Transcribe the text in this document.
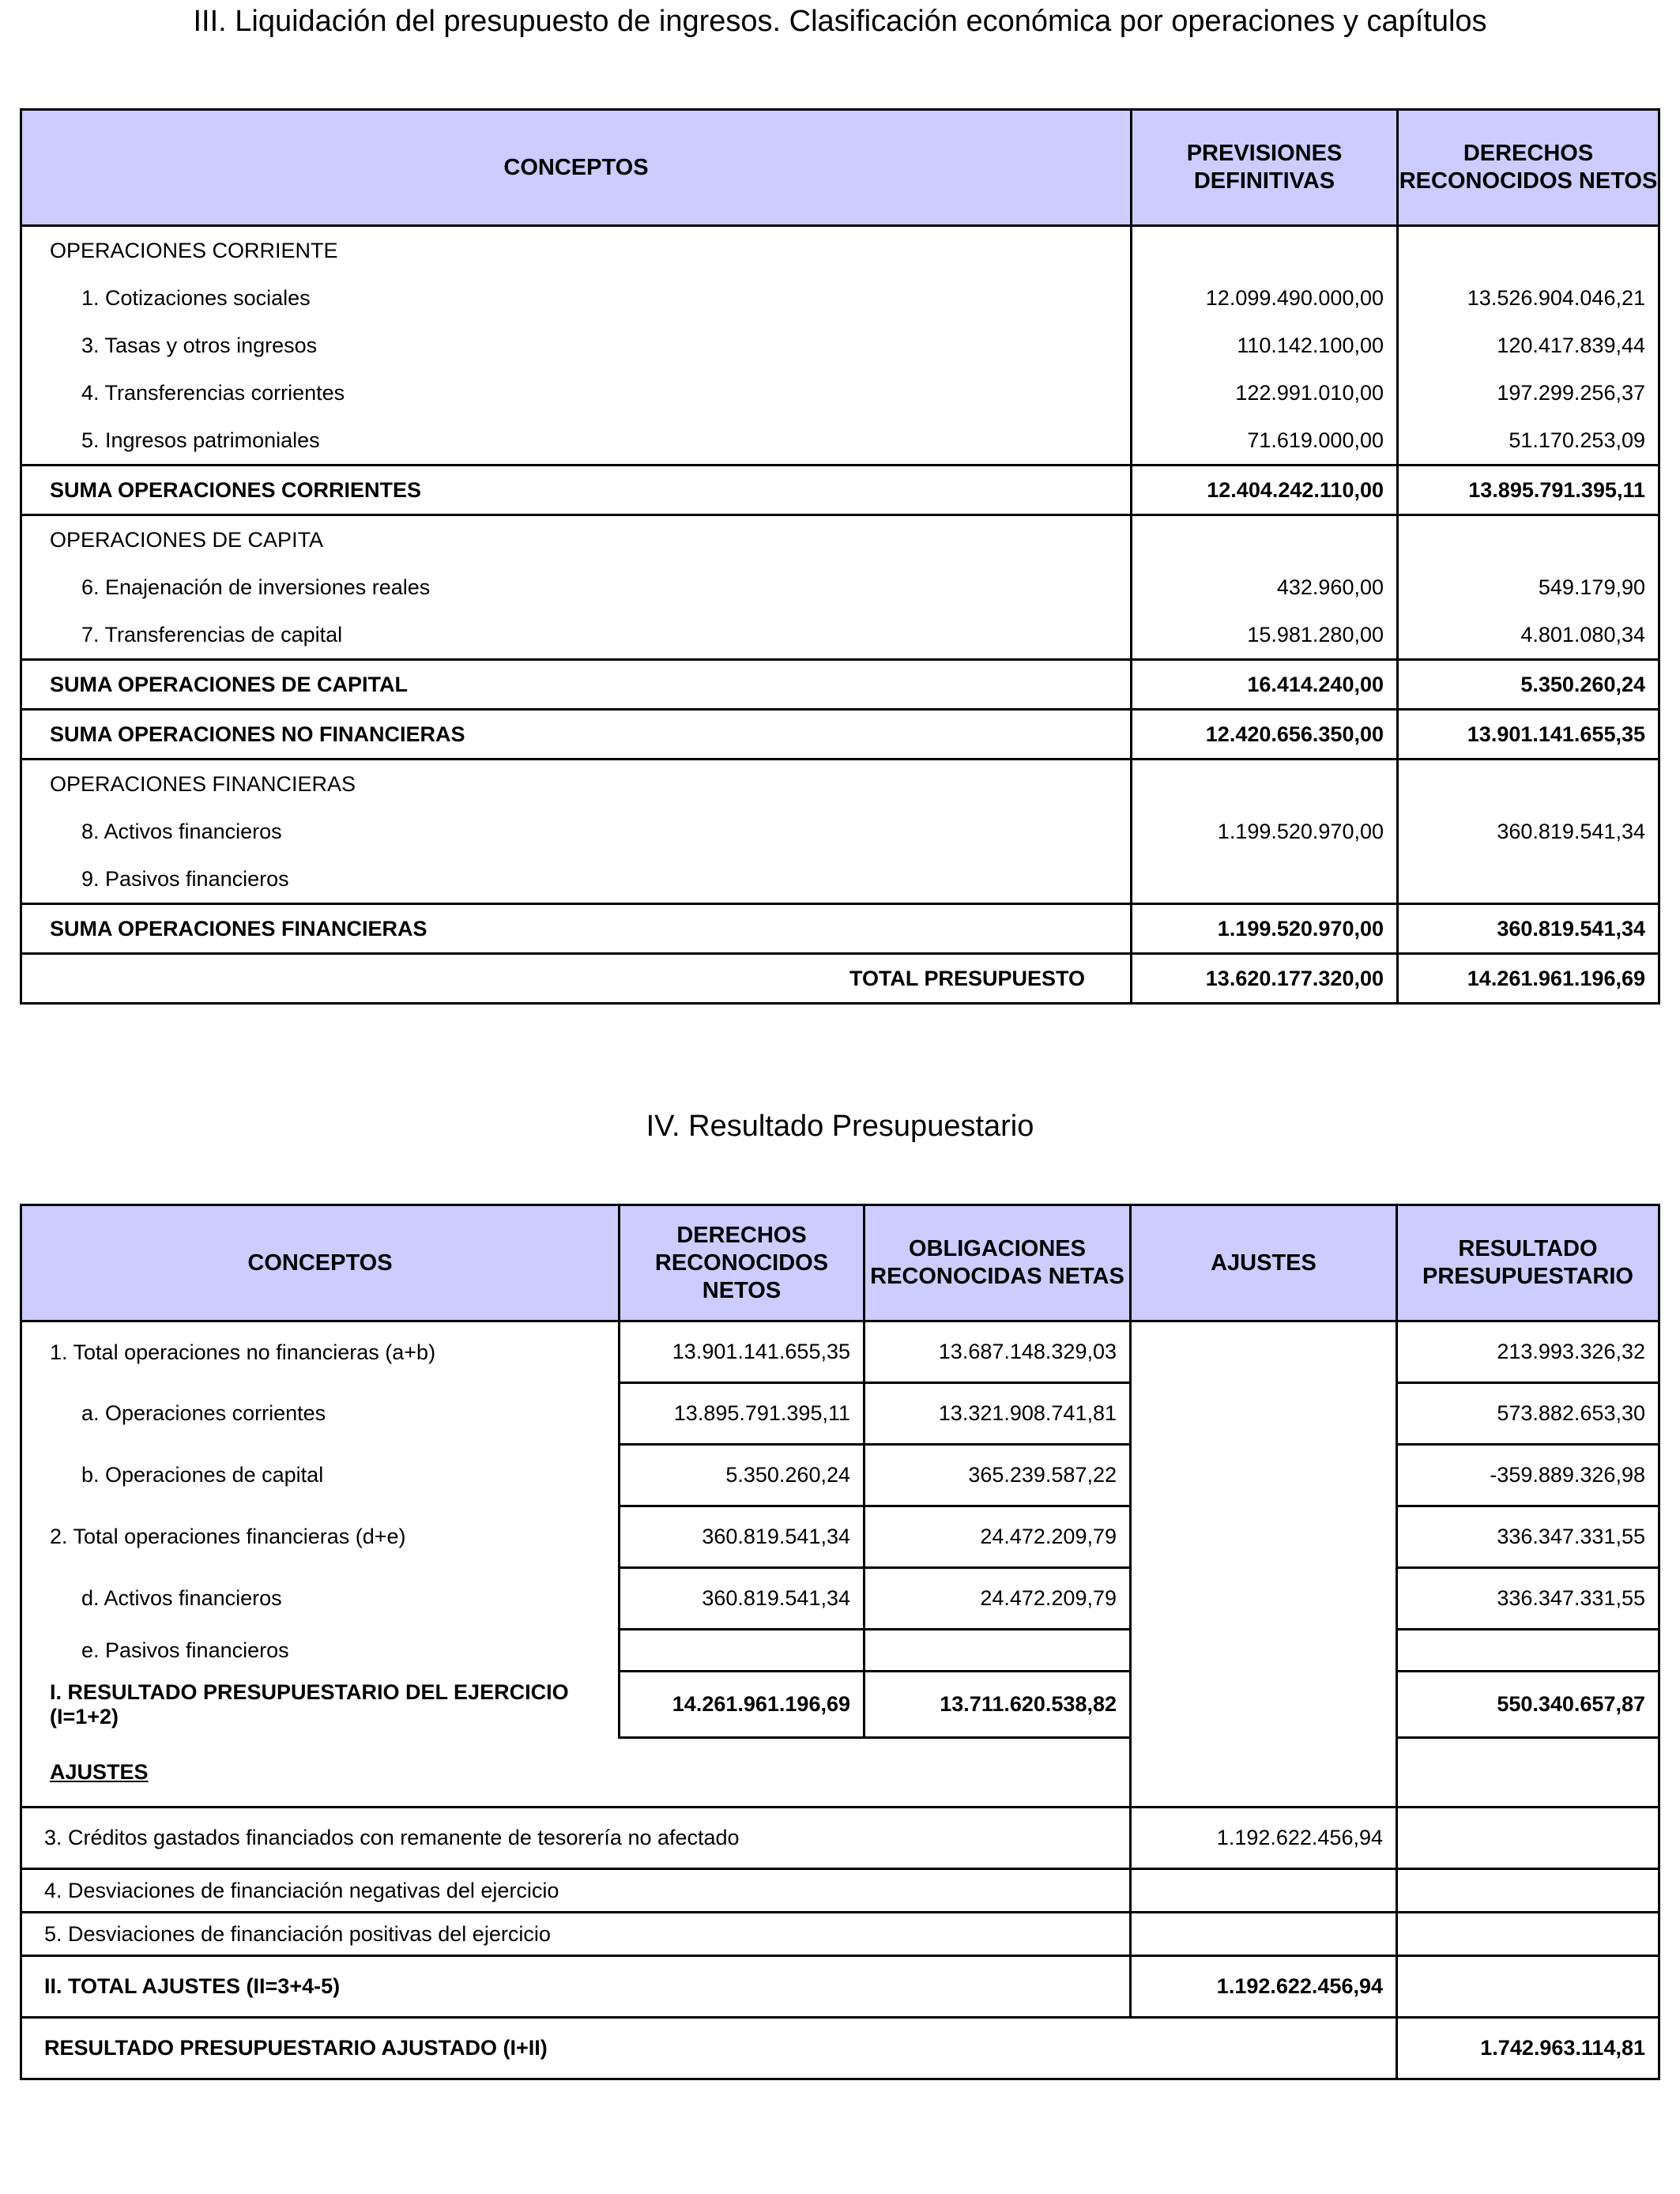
III. Liquidación del presupuesto de ingresos. Clasificación económica por operaciones y capítulos
CONCEPTOS	PREVISIONES DEFINITIVAS	DERECHOS RECONOCIDOS NETOS
OPERACIONES CORRIENTE		
1. Cotizaciones sociales	12.099.490.000,00	13.526.904.046,21
3. Tasas y otros ingresos	110.142.100,00	120.417.839,44
4. Transferencias corrientes	122.991.010,00	197.299.256,37
5. Ingresos patrimoniales	71.619.000,00	51.170.253,09
SUMA OPERACIONES CORRIENTES	12.404.242.110,00	13.895.791.395,11
OPERACIONES DE CAPITA		
6. Enajenación de inversiones reales	432.960,00	549.179,90
7. Transferencias de capital	15.981.280,00	4.801.080,34
SUMA OPERACIONES DE CAPITAL	16.414.240,00	5.350.260,24
SUMA OPERACIONES NO FINANCIERAS	12.420.656.350,00	13.901.141.655,35
OPERACIONES FINANCIERAS		
8. Activos financieros	1.199.520.970,00	360.819.541,34
9. Pasivos financieros		
SUMA OPERACIONES FINANCIERAS	1.199.520.970,00	360.819.541,34
TOTAL PRESUPUESTO	13.620.177.320,00	14.261.961.196,69
IV. Resultado Presupuestario
CONCEPTOS	DERECHOS RECONOCIDOS NETOS	OBLIGACIONES RECONOCIDAS NETAS	AJUSTES	RESULTADO PRESUPUESTARIO
1. Total operaciones no financieras (a+b)	13.901.141.655,35	13.687.148.329,03		213.993.326,32
a. Operaciones corrientes	13.895.791.395,11	13.321.908.741,81		573.882.653,30
b. Operaciones de capital	5.350.260,24	365.239.587,22		-359.889.326,98
2. Total operaciones financieras (d+e)	360.819.541,34	24.472.209,79		336.347.331,55
d. Activos financieros	360.819.541,34	24.472.209,79		336.347.331,55
e. Pasivos financieros				
I. RESULTADO PRESUPUESTARIO DEL EJERCICIO (I=1+2)	14.261.961.196,69	13.711.620.538,82		550.340.657,87
AJUSTES				
3. Créditos gastados financiados con remanente de tesorería no afectado			1.192.622.456,94	
4. Desviaciones de financiación negativas del ejercicio				
5. Desviaciones de financiación positivas del ejercicio				
II. TOTAL AJUSTES (II=3+4-5)			1.192.622.456,94	
RESULTADO PRESUPUESTARIO AJUSTADO (I+II)				1.742.963.114,81
